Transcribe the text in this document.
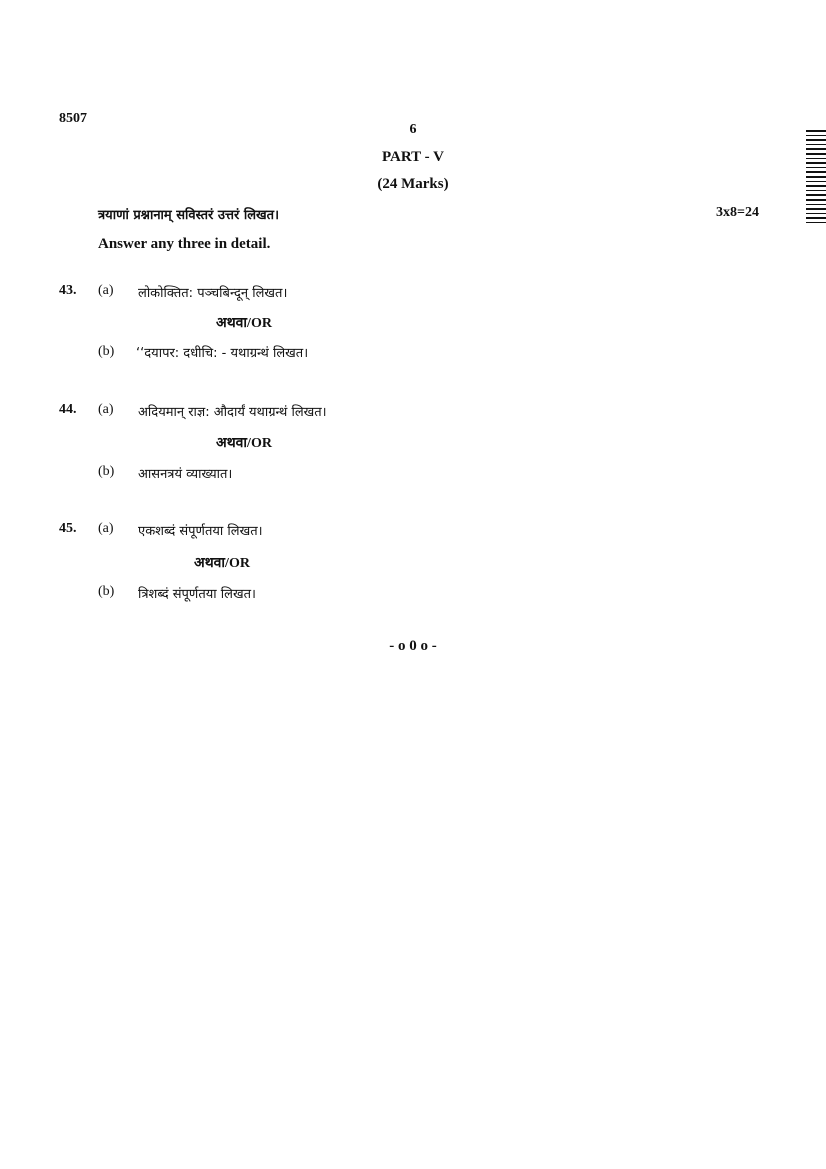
8507
6
PART - V
(24 Marks)
त्रयाणां प्रश्नानाम् सविस्तरं उत्तरं लिखत।	3x8=24
Answer any three in detail.
43. (a) लोकोक्तित: पञ्चबिन्दून् लिखत।
अथवा/OR
(b) ‘‘दयापर: दधीचि: - यथाग्रन्थं लिखत।
44. (a) अदियमान् राज्ञ: औदार्यं यथाग्रन्थं लिखत।
अथवा/OR
(b) आसनत्रयं व्याख्यात।
45. (a) एकशब्दं संपूर्णतया लिखत।
अथवा/OR
(b) त्रिशब्दं संपूर्णतया लिखत।
- o 0 o -
